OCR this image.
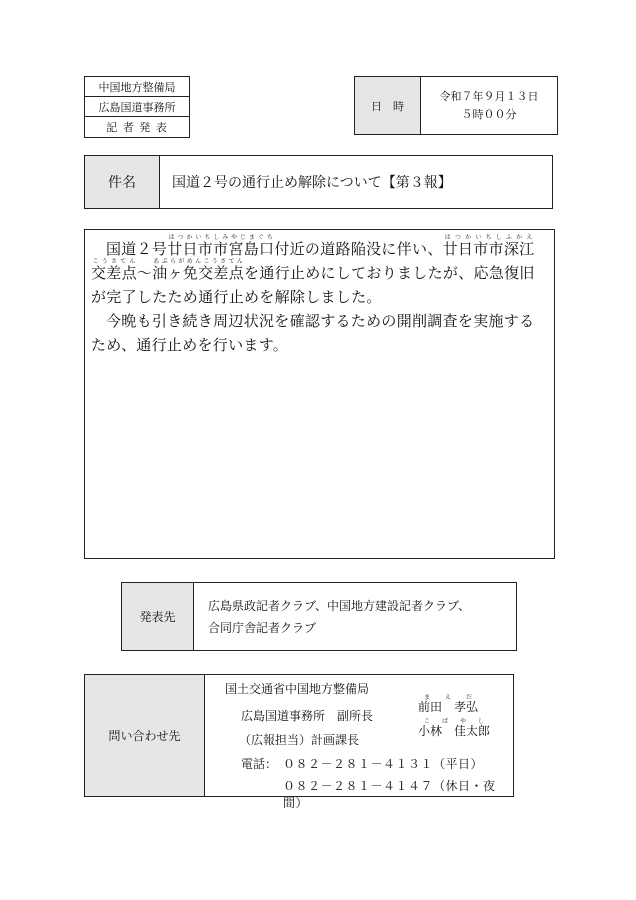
中国地方整備局
広島国道事務所
記 者 発 表
日　時
令和７年９月１３日
５時００分
件名	国道２号の通行止め解除について【第３報】

国道２号廿日市市宮島口はつかいちしみやじまぐち付近の道路陥没に伴い、廿日市市深江はつかいちしふかえ交差点こうさてん～油ヶ免交差点あぶらがめんこうさてんを通行止めにしておりましたが、応急復旧が完了したため通行止めを解除しました。

今晩も引き続き周辺状況を確認するための開削調査を実施するため、通行止めを行います。

発表先
広島県政記者クラブ、中国地方建設記者クラブ、
合同庁舎記者クラブ
問い合わせ先
国土交通省中国地方整備局
広島国道事務所　副所長
前田　孝弘まえだ
（広報担当）計画課長
小林　佳太郎こばやし
電話： ０８２－２８１－４１３１（平日）
０８２－２８１－４１４７（休日・夜間）
